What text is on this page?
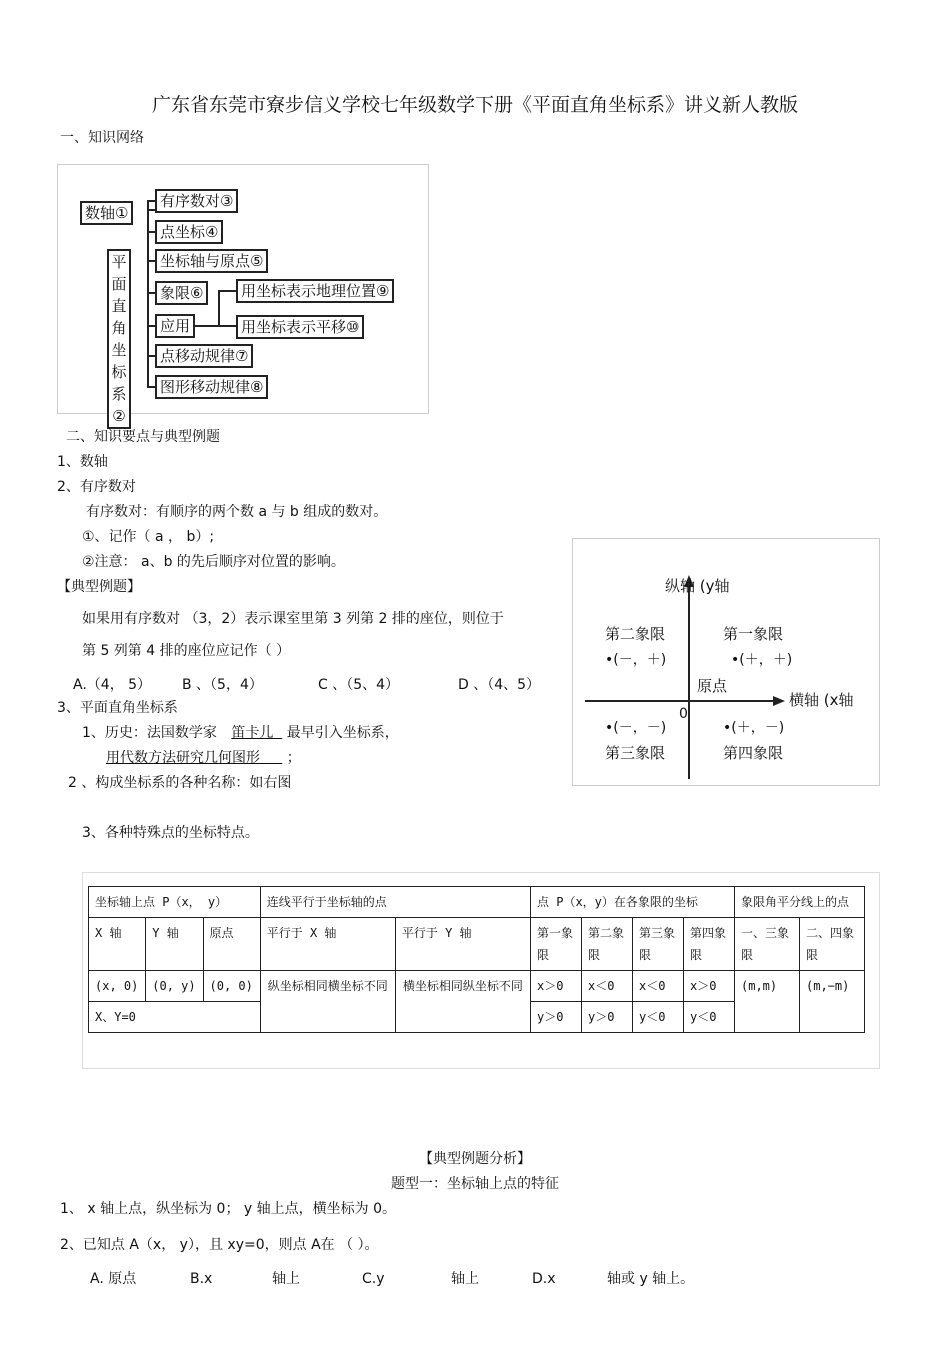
广东省东莞市寮步信义学校七年级数学下册《平面直角坐标系》讲义新人教版
一、知识网络
数轴①
平
面
直
角
坐
标
系
②
有序数对③
点坐标④
坐标轴与原点⑤
象限⑥
应用
点移动规律⑦
图形移动规律⑧
用坐标表示地理位置⑨
用坐标表示平移⑩
二、知识要点与典型例题
1、数轴
2、有序数对
有序数对：有顺序的两个数 a 与 b 组成的数对。
①、记作（ a ， b）;
②注意： a、b 的先后顺序对位置的影响。
【典型例题】
如果用有序数对 （3，2）表示课室里第 3 列第 2 排的座位，则位于
第 5 列第 4 排的座位应记作（ ）
A.（4， 5） B 、（5，4）	C 、（5、4）	D 、（4、5）
3、平面直角坐标系
1、历史：法国数学家 笛卡儿 最早引入坐标系，
用代数方法研究几何图形 ；
2 、构成坐标系的各种名称：如右图
3、各种特殊点的坐标特点。
纵轴 (y轴
横轴 (x轴
原点
0
第二象限
•(－，＋)
第一象限
•(＋，＋)
•(－，－)
第三象限
•(＋，－)
第四象限
坐标轴上点 P（x， y）			连线平行于坐标轴的点		点 P（x，y）在各象限的坐标				象限角平分线上的点	
X 轴	Y 轴	原点	平行于 X 轴	平行于 Y 轴	第一象限	第二象限	第三象限	第四象限	一、三象限	二、四象限
(x, 0)	(0, y)	(0, 0)	纵坐标相同横坐标不同	横坐标相同纵坐标不同	x＞0	x＜0	x＜0	x＞0	(m,m)	(m,−m)
X、Y=0					y＞0	y＞0	y＜0	y＜0		
【典型例题分析】
题型一：坐标轴上点的特征
1、 x 轴上点，纵坐标为 0； y 轴上点，横坐标为 0。
2、已知点 A（x， y），且 xy=0，则点 A在 （ ）。
A. 原点	B.x	轴上	C.y	轴上	D.x	轴或 y 轴上。
